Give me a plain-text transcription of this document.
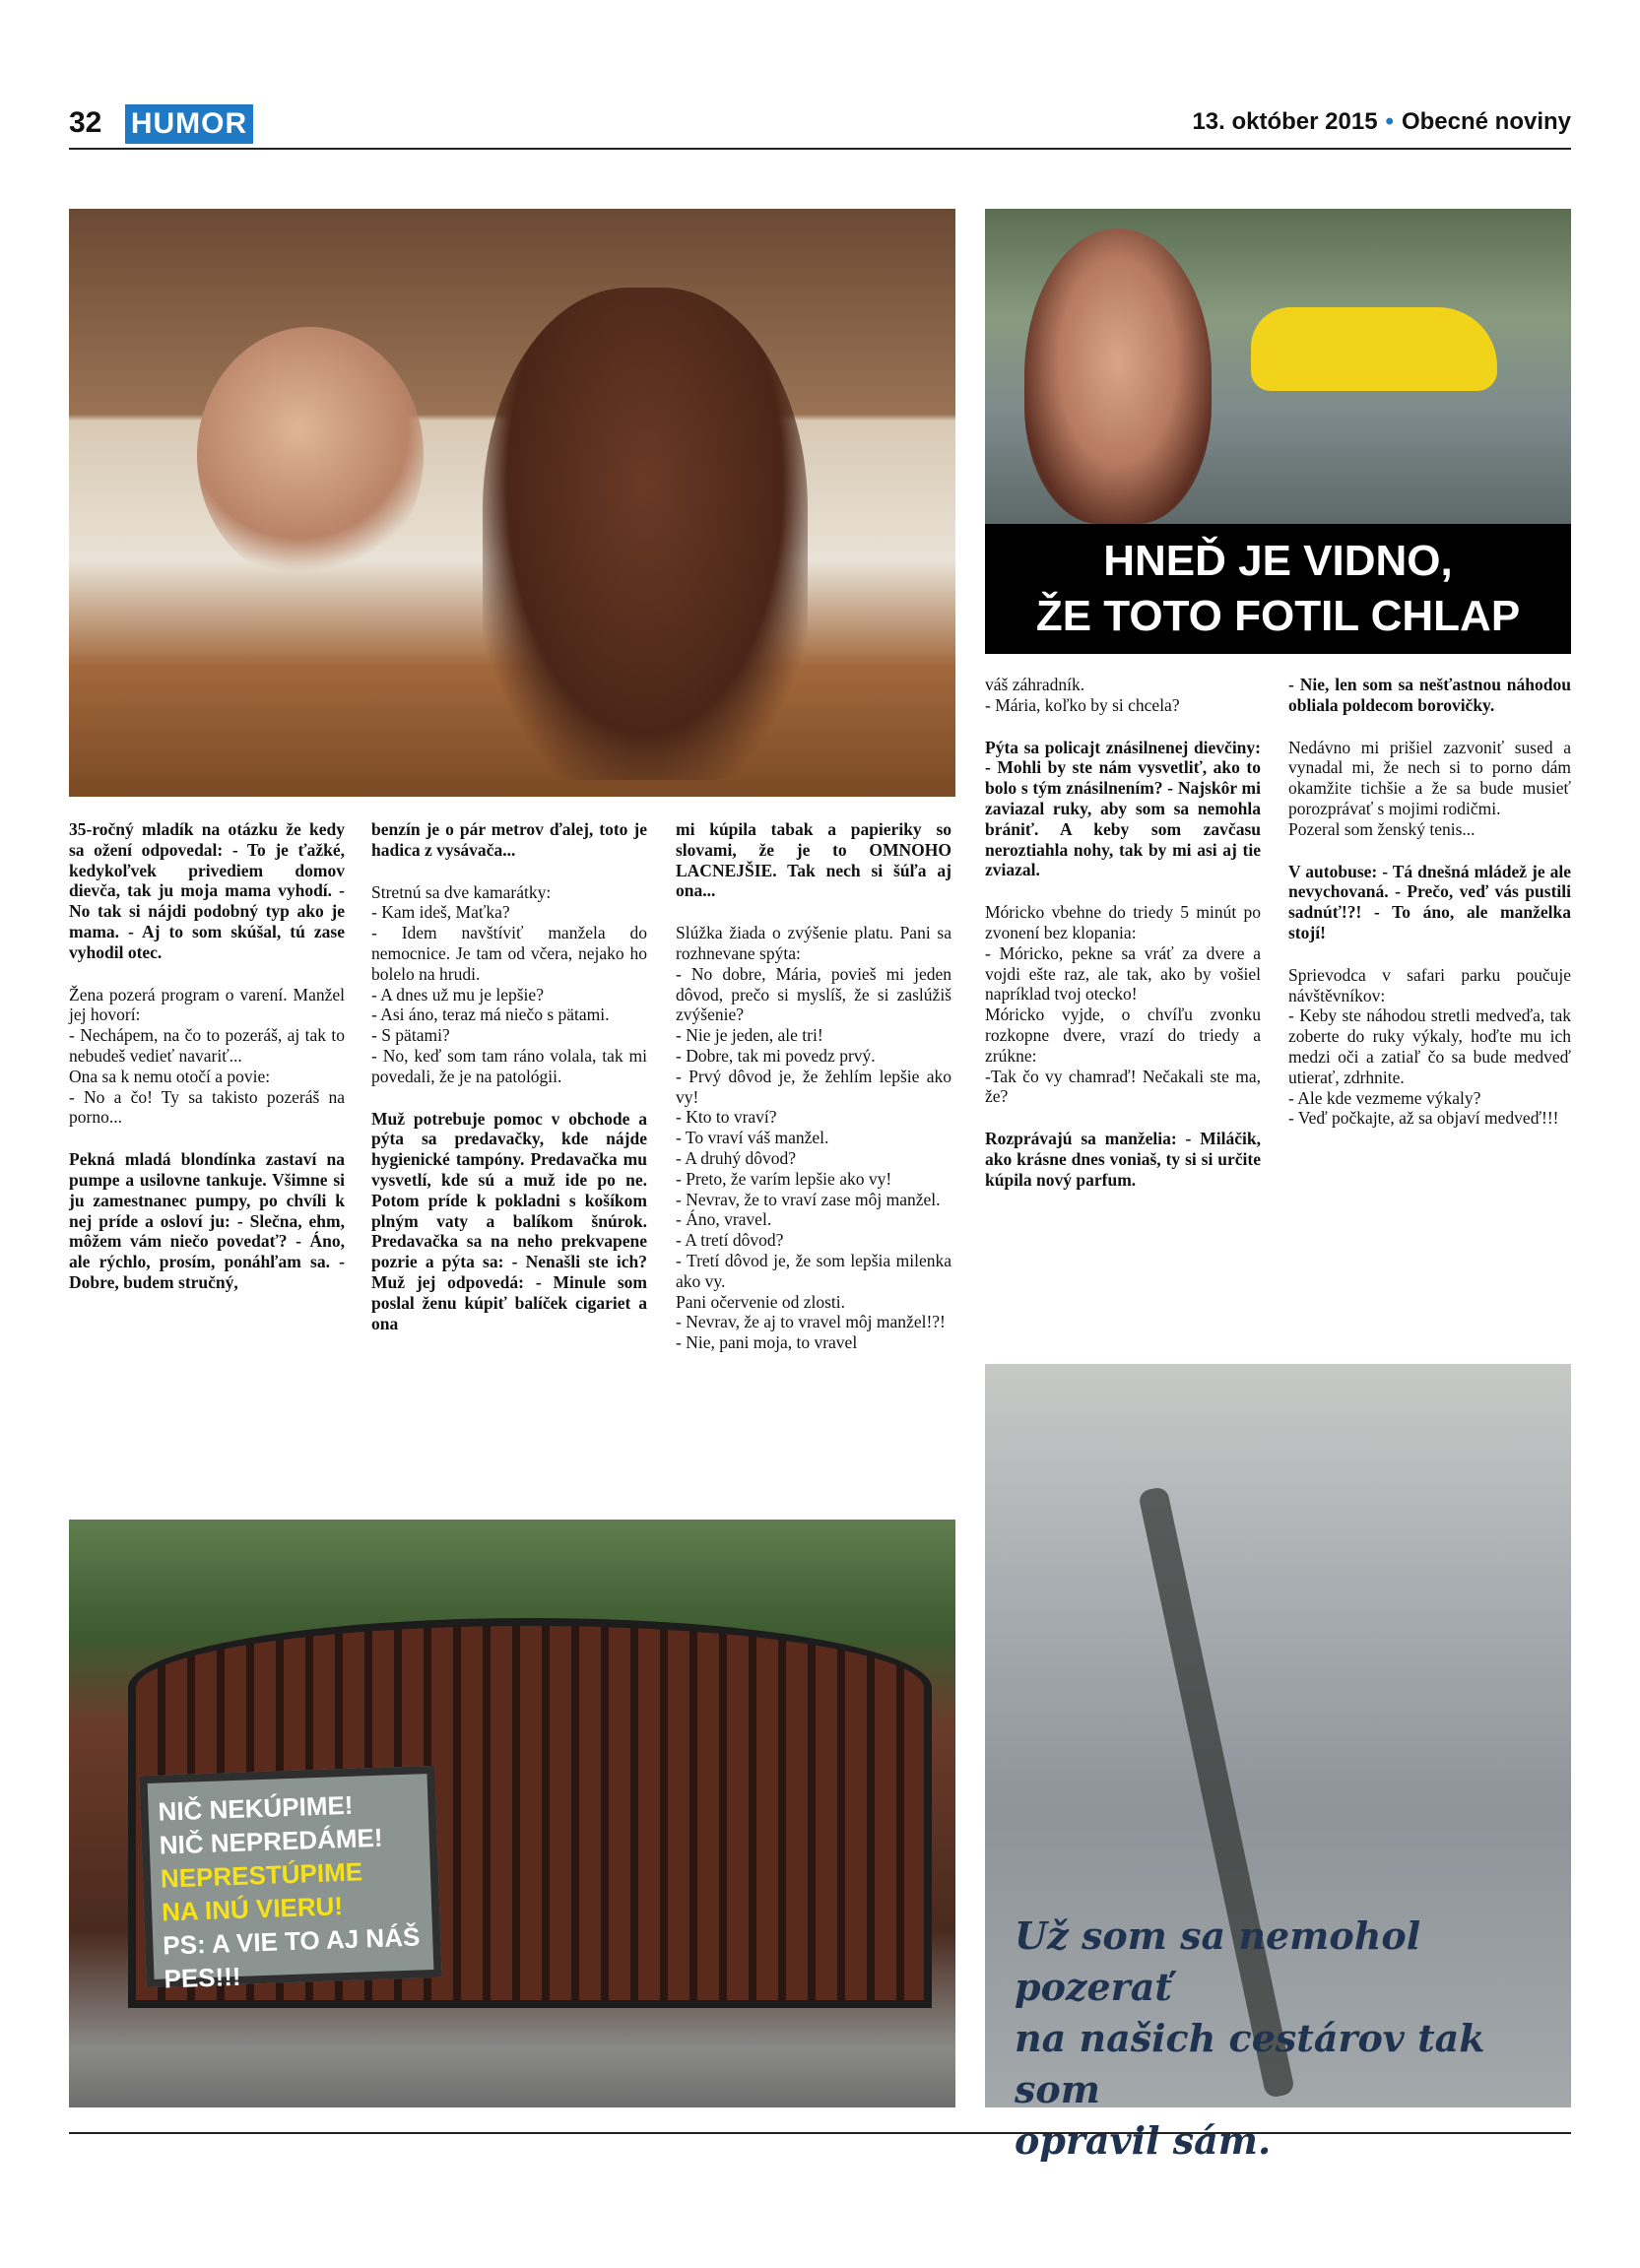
32 HUMOR	13. október 2015 • Obecné noviny
HNEĎ JE VIDNO,
ŽE TOTO FOTIL CHLAP
NIČ NEKÚPIME!
NIČ NEPREDÁME!
NEPRESTÚPIME
NA INÚ VIERU!
PS: A VIE TO AJ NÁŠ
PES!!!
Už som sa nemohol pozerať
na našich cestárov tak som
opravil sám.

35-ročný mladík na otázku že kedy sa ožení odpovedal: - To je ťažké, kedykoľvek privediem domov dievča, tak ju moja mama vyhodí. - No tak si nájdi podobný typ ako je mama. - Aj to som skúšal, tú zase vyhodil otec.

Žena pozerá program o varení. Manžel jej hovorí:
- Nechápem, na čo to pozeráš, aj tak to nebudeš vedieť navariť...
Ona sa k nemu otočí a povie:
- No a čo! Ty sa takisto pozeráš na porno...

Pekná mladá blondínka zastaví na pumpe a usilovne tankuje. Všimne si ju zamestnanec pumpy, po chvíli k nej príde a osloví ju: - Slečna, ehm, môžem vám niečo povedať? - Áno, ale rýchlo, prosím, ponáhľam sa. - Dobre, budem stručný,

benzín je o pár metrov ďalej, toto je hadica z vysávača...

Stretnú sa dve kamarátky:
- Kam ideš, Maťka?
- Idem navštíviť manžela do nemocnice. Je tam od včera, nejako ho bolelo na hrudi.
- A dnes už mu je lepšie?
- Asi áno, teraz má niečo s pätami.
- S pätami?
- No, keď som tam ráno volala, tak mi povedali, že je na patológii.

Muž potrebuje pomoc v obchode a pýta sa predavačky, kde nájde hygienické tampóny. Predavačka mu vysvetlí, kde sú a muž ide po ne. Potom príde k pokladni s košíkom plným vaty a balíkom šnúrok. Predavačka sa na neho prekvapene pozrie a pýta sa: - Nenašli ste ich? Muž jej odpovedá: - Minule som poslal ženu kúpiť balíček cigariet a ona

mi kúpila tabak a papieriky so slovami, že je to OMNOHO LACNEJŠIE. Tak nech si šúľa aj ona...

Slúžka žiada o zvýšenie platu. Pani sa rozhnevane spýta:
- No dobre, Mária, povieš mi jeden dôvod, prečo si myslíš, že si zaslúžiš zvýšenie?
- Nie je jeden, ale tri!
- Dobre, tak mi povedz prvý.
- Prvý dôvod je, že žehlím lepšie ako vy!
- Kto to vraví?
- To vraví váš manžel.
- A druhý dôvod?
- Preto, že varím lepšie ako vy!
- Nevrav, že to vraví zase môj manžel.
- Áno, vravel.
- A tretí dôvod?
- Tretí dôvod je, že som lepšia milenka ako vy.
Pani očervenie od zlosti.
- Nevrav, že aj to vravel môj manžel!?!
- Nie, pani moja, to vravel

váš záhradník.
- Mária, koľko by si chcela?

Pýta sa policajt znásilnenej dievčiny: - Mohli by ste nám vysvetliť, ako to bolo s tým znásilnením? - Najskôr mi zaviazal ruky, aby som sa nemohla brániť. A keby som zavčasu neroztiahla nohy, tak by mi asi aj tie zviazal.

Móricko vbehne do triedy 5 minút po zvonení bez klopania:
- Móricko, pekne sa vráť za dvere a vojdi ešte raz, ale tak, ako by vošiel napríklad tvoj otecko!
Móricko vyjde, o chvíľu zvonku rozkopne dvere, vrazí do triedy a zrúkne:
-Tak čo vy chamraď! Nečakali ste ma, že?

Rozprávajú sa manželia: - Miláčik, ako krásne dnes voniaš, ty si si určite kúpila nový parfum.

- Nie, len som sa nešťastnou náhodou obliala poldecom borovičky.

Nedávno mi prišiel zazvoniť sused a vynadal mi, že nech si to porno dám okamžite tichšie a že sa bude musieť porozprávať s mojimi rodičmi.
Pozeral som ženský tenis...

V autobuse: - Tá dnešná mládež je ale nevychovaná. - Prečo, veď vás pustili sadnúť!?! - To áno, ale manželka stojí!

Sprievodca v safari parku poučuje návštěvníkov:
- Keby ste náhodou stretli medveďa, tak zoberte do ruky výkaly, hoďte mu ich medzi oči a zatiaľ čo sa bude medveď utierať, zdrhnite.
- Ale kde vezmeme výkaly?
- Veď počkajte, až sa objaví medveď!!!
